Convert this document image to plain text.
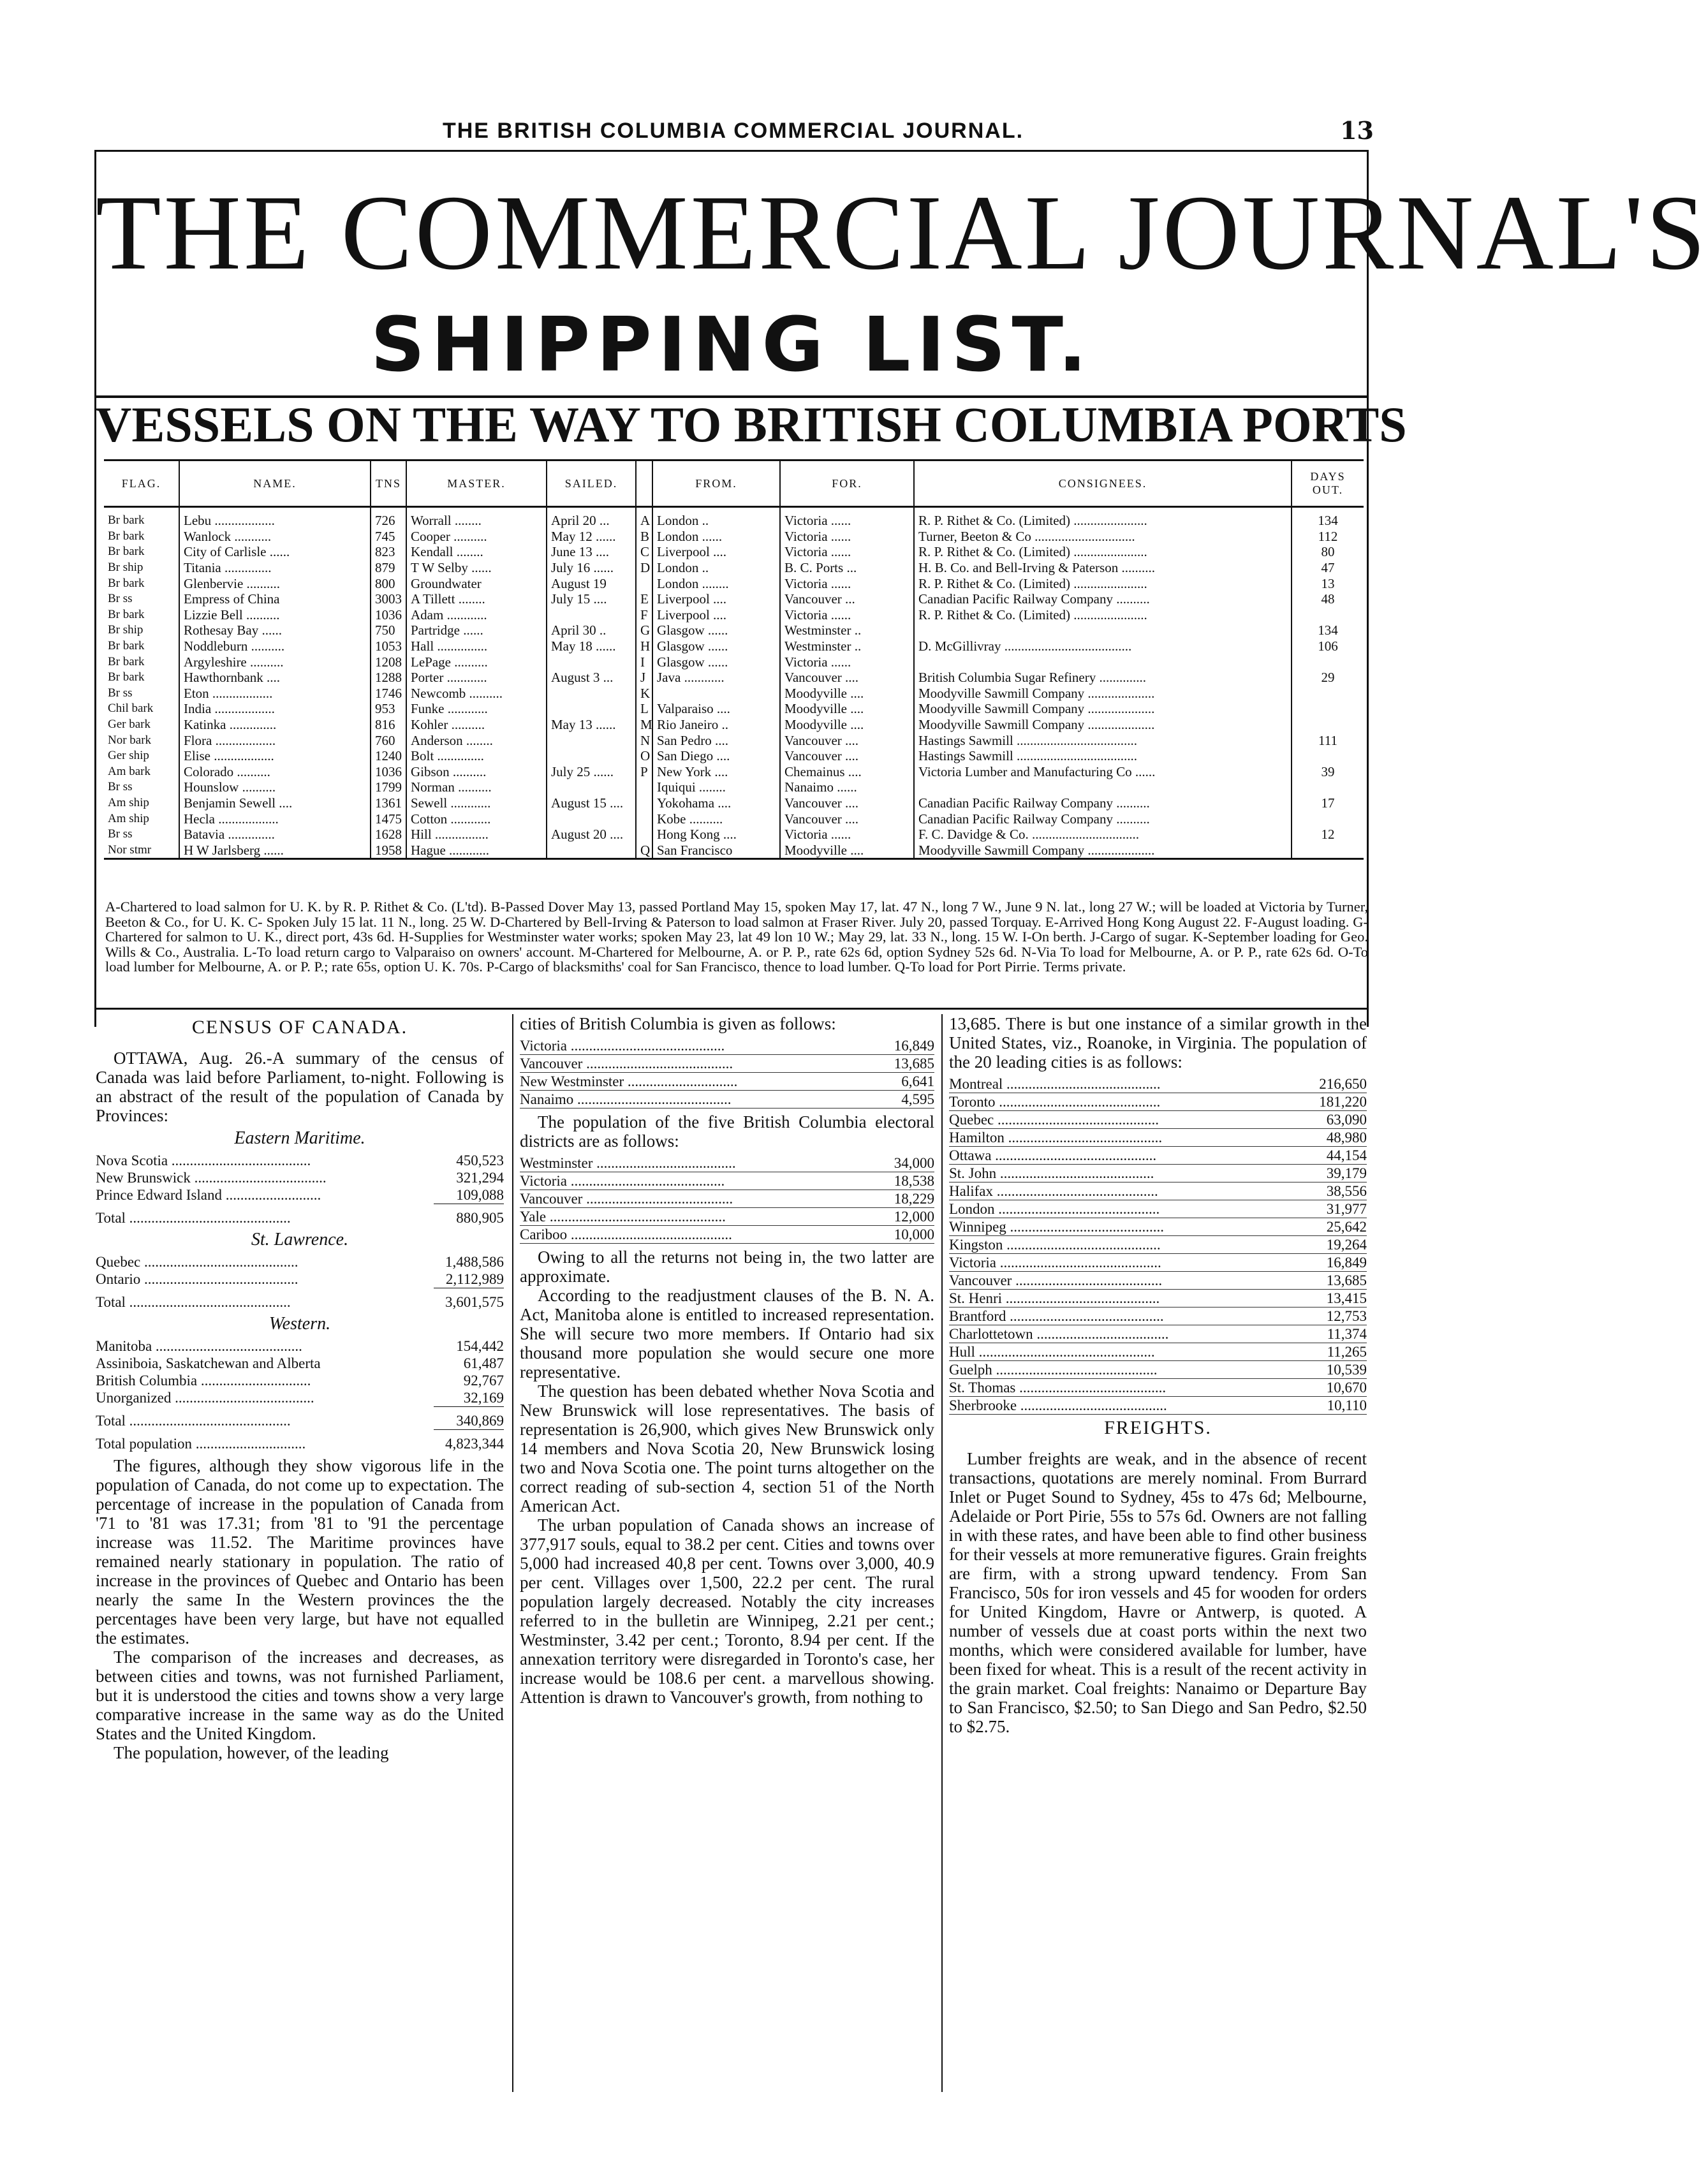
THE BRITISH COLUMBIA COMMERCIAL JOURNAL.	13
THE COMMERCIAL JOURNAL'S
SHIPPING LIST.
VESSELS ON THE WAY TO BRITISH COLUMBIA PORTS
FLAG.	NAME.	TNS	MASTER.	SAILED.		FROM.	FOR.	CONSIGNEES.	DAYS OUT.
Br bark	Lebu ..................	726	Worrall ........	April 20 ...	A	London ..	Victoria ......	R. P. Rithet & Co. (Limited) ......................	134
Br bark	Wanlock ...........	745	Cooper ..........	May 12 ......	B	London ......	Victoria ......	Turner, Beeton & Co ..............................	112
Br bark	City of Carlisle ......	823	Kendall ........	June 13 ....	C	Liverpool ....	Victoria ......	R. P. Rithet & Co. (Limited) ......................	80
Br ship	Titania ..............	879	T W Selby ......	July 16 ......	D	London ..	B. C. Ports ...	H. B. Co. and Bell-Irving & Paterson ..........	47
Br bark	Glenbervie ..........	800	Groundwater	August 19		London ........	Victoria ......	R. P. Rithet & Co. (Limited) ......................	13
Br ss	Empress of China	3003	A Tillett ........	July 15 ....	E	Liverpool ....	Vancouver ...	Canadian Pacific Railway Company ..........	48
Br bark	Lizzie Bell ..........	1036	Adam ............		F	Liverpool ....	Victoria ......	R. P. Rithet & Co. (Limited) ......................	
Br ship	Rothesay Bay ......	750	Partridge ......	April 30 ..	G	Glasgow ......	Westminster ..		134
Br bark	Noddleburn ..........	1053	Hall ...............	May 18 ......	H	Glasgow ......	Westminster ..	D. McGillivray ......................................	106
Br bark	Argyleshire ..........	1208	LePage ..........		I	Glasgow ......	Victoria ......		
Br bark	Hawthornbank ....	1288	Porter ............	August 3 ...	J	Java ............	Vancouver ....	British Columbia Sugar Refinery ..............	29
Br ss	Eton ..................	1746	Newcomb ..........		K		Moodyville ....	Moodyville Sawmill Company ....................	
Chil bark	India ..................	953	Funke ............		L	Valparaiso ....	Moodyville ....	Moodyville Sawmill Company ....................	
Ger bark	Katinka ..............	816	Kohler ..........	May 13 ......	M	Rio Janeiro ..	Moodyville ....	Moodyville Sawmill Company ....................	
Nor bark	Flora ..................	760	Anderson ........		N	San Pedro ....	Vancouver ....	Hastings Sawmill ....................................	111
Ger ship	Elise ..................	1240	Bolt ..............		O	San Diego ....	Vancouver ....	Hastings Sawmill ....................................	
Am bark	Colorado ..........	1036	Gibson ..........	July 25 ......	P	New York ....	Chemainus ....	Victoria Lumber and Manufacturing Co ......	39
Br ss	Hounslow ..........	1799	Norman ..........			Iquiqui ........	Nanaimo ......		
Am ship	Benjamin Sewell ....	1361	Sewell ............	August 15 ....		Yokohama ....	Vancouver ....	Canadian Pacific Railway Company ..........	17
Am ship	Hecla ..................	1475	Cotton ............			Kobe ..........	Vancouver ....	Canadian Pacific Railway Company ..........	
Br ss	Batavia ..............	1628	Hill ................	August 20 ....		Hong Kong ....	Victoria ......	F. C. Davidge & Co. ................................	12
Nor stmr	H W Jarlsberg ......	1958	Hague ............		Q	San Francisco	Moodyville ....	Moodyville Sawmill Company ....................	
A-Chartered to load salmon for U. K. by R. P. Rithet & Co. (L'td). B-Passed Dover May 13, passed Portland May 15, spoken May 17, lat. 47 N., long 7 W., June 9 N. lat., long 27 W.; will be loaded at Victoria by Turner, Beeton & Co., for U. K. C- Spoken July 15 lat. 11 N., long. 25 W. D-Chartered by Bell-Irving & Paterson to load salmon at Fraser River. July 20, passed Torquay. E-Arrived Hong Kong August 22. F-August loading. G-Chartered for salmon to U. K., direct port, 43s 6d. H-Supplies for Westminster water works; spoken May 23, lat 49 lon 10 W.; May 29, lat. 33 N., long. 15 W. I-On berth. J-Cargo of sugar. K-September loading for Geo. Wills & Co., Australia. L-To load return cargo to Valparaiso on owners' account. M-Chartered for Melbourne, A. or P. P., rate 62s 6d, option Sydney 52s 6d. N-Via To load for Melbourne, A. or P. P., rate 62s 6d. O-To load lumber for Melbourne, A. or P. P.; rate 65s, option U. K. 70s. P-Cargo of blacksmiths' coal for San Francisco, thence to load lumber. Q-To load for Port Pirrie. Terms private.
CENSUS OF CANADA.

OTTAWA, Aug. 26.-A summary of the census of Canada was laid before Parliament, to-night. Following is an abstract of the result of the population of Canada by Provinces:

Eastern Maritime.
Nova Scotia ......................................	450,523
New Brunswick ....................................	321,294
Prince Edward Island ..........................	109,088
Total ............................................	880,905
St. Lawrence.
Quebec ..........................................	1,488,586
Ontario ..........................................	2,112,989
Total ............................................	3,601,575
Western.
Manitoba ........................................	154,442
Assiniboia, Saskatchewan and Alberta	61,487
British Columbia ..............................	92,767
Unorganized ......................................	32,169
Total ............................................	340,869
Total population ..............................	4,823,344

The figures, although they show vigorous life in the population of Canada, do not come up to expectation. The percentage of increase in the population of Canada from '71 to '81 was 17.31; from '81 to '91 the percentage increase was 11.52. The Maritime provinces have remained nearly stationary in population. The ratio of increase in the provinces of Quebec and Ontario has been nearly the same In the Western provinces the the percentages have been very large, but have not equalled the estimates.

The comparison of the increases and decreases, as between cities and towns, was not furnished Parliament, but it is understood the cities and towns show a very large comparative increase in the same way as do the United States and the United Kingdom.

The population, however, of the leading

cities of British Columbia is given as follows:

Victoria ..........................................	16,849
Vancouver ........................................	13,685
New Westminster ..............................	6,641
Nanaimo ..........................................	4,595

The population of the five British Columbia electoral districts are as follows:

Westminster ......................................	34,000
Victoria ..........................................	18,538
Vancouver ........................................	18,229
Yale ................................................	12,000
Cariboo ............................................	10,000

Owing to all the returns not being in, the two latter are approximate.

According to the readjustment clauses of the B. N. A. Act, Manitoba alone is entitled to increased representation. She will secure two more members. If Ontario had six thousand more population she would secure one more representative.

The question has been debated whether Nova Scotia and New Brunswick will lose representatives. The basis of representation is 26,900, which gives New Brunswick only 14 members and Nova Scotia 20, New Brunswick losing two and Nova Scotia one. The point turns altogether on the correct reading of sub-section 4, section 51 of the North American Act.

The urban population of Canada shows an increase of 377,917 souls, equal to 38.2 per cent. Cities and towns over 5,000 had increased 40,8 per cent. Towns over 3,000, 40.9 per cent. Villages over 1,500, 22.2 per cent. The rural population largely decreased. Notably the city increases referred to in the bulletin are Winnipeg, 2.21 per cent.; Westminster, 3.42 per cent.; Toronto, 8.94 per cent. If the annexation territory were disregarded in Toronto's case, her increase would be 108.6 per cent. a marvellous showing. Attention is drawn to Vancouver's growth, from nothing to

13,685. There is but one instance of a similar growth in the United States, viz., Roanoke, in Virginia. The population of the 20 leading cities is as follows:

Montreal ..........................................	216,650
Toronto ............................................	181,220
Quebec ............................................	63,090
Hamilton ..........................................	48,980
Ottawa ............................................	44,154
St. John ..........................................	39,179
Halifax ............................................	38,556
London ............................................	31,977
Winnipeg ..........................................	25,642
Kingston ..........................................	19,264
Victoria ............................................	16,849
Vancouver ........................................	13,685
St. Henri ..........................................	13,415
Brantford ..........................................	12,753
Charlottetown ....................................	11,374
Hull ................................................	11,265
Guelph ............................................	10,539
St. Thomas ........................................	10,670
Sherbrooke ........................................	10,110
FREIGHTS.

Lumber freights are weak, and in the absence of recent transactions, quotations are merely nominal. From Burrard Inlet or Puget Sound to Sydney, 45s to 47s 6d; Melbourne, Adelaide or Port Pirie, 55s to 57s 6d. Owners are not falling in with these rates, and have been able to find other business for their vessels at more remunerative figures. Grain freights are firm, with a strong upward tendency. From San Francisco, 50s for iron vessels and 45 for wooden for orders for United Kingdom, Havre or Antwerp, is quoted. A number of vessels due at coast ports within the next two months, which were considered available for lumber, have been fixed for wheat. This is a result of the recent activity in the grain market. Coal freights: Nanaimo or Departure Bay to San Francisco, $2.50; to San Diego and San Pedro, $2.50 to $2.75.
